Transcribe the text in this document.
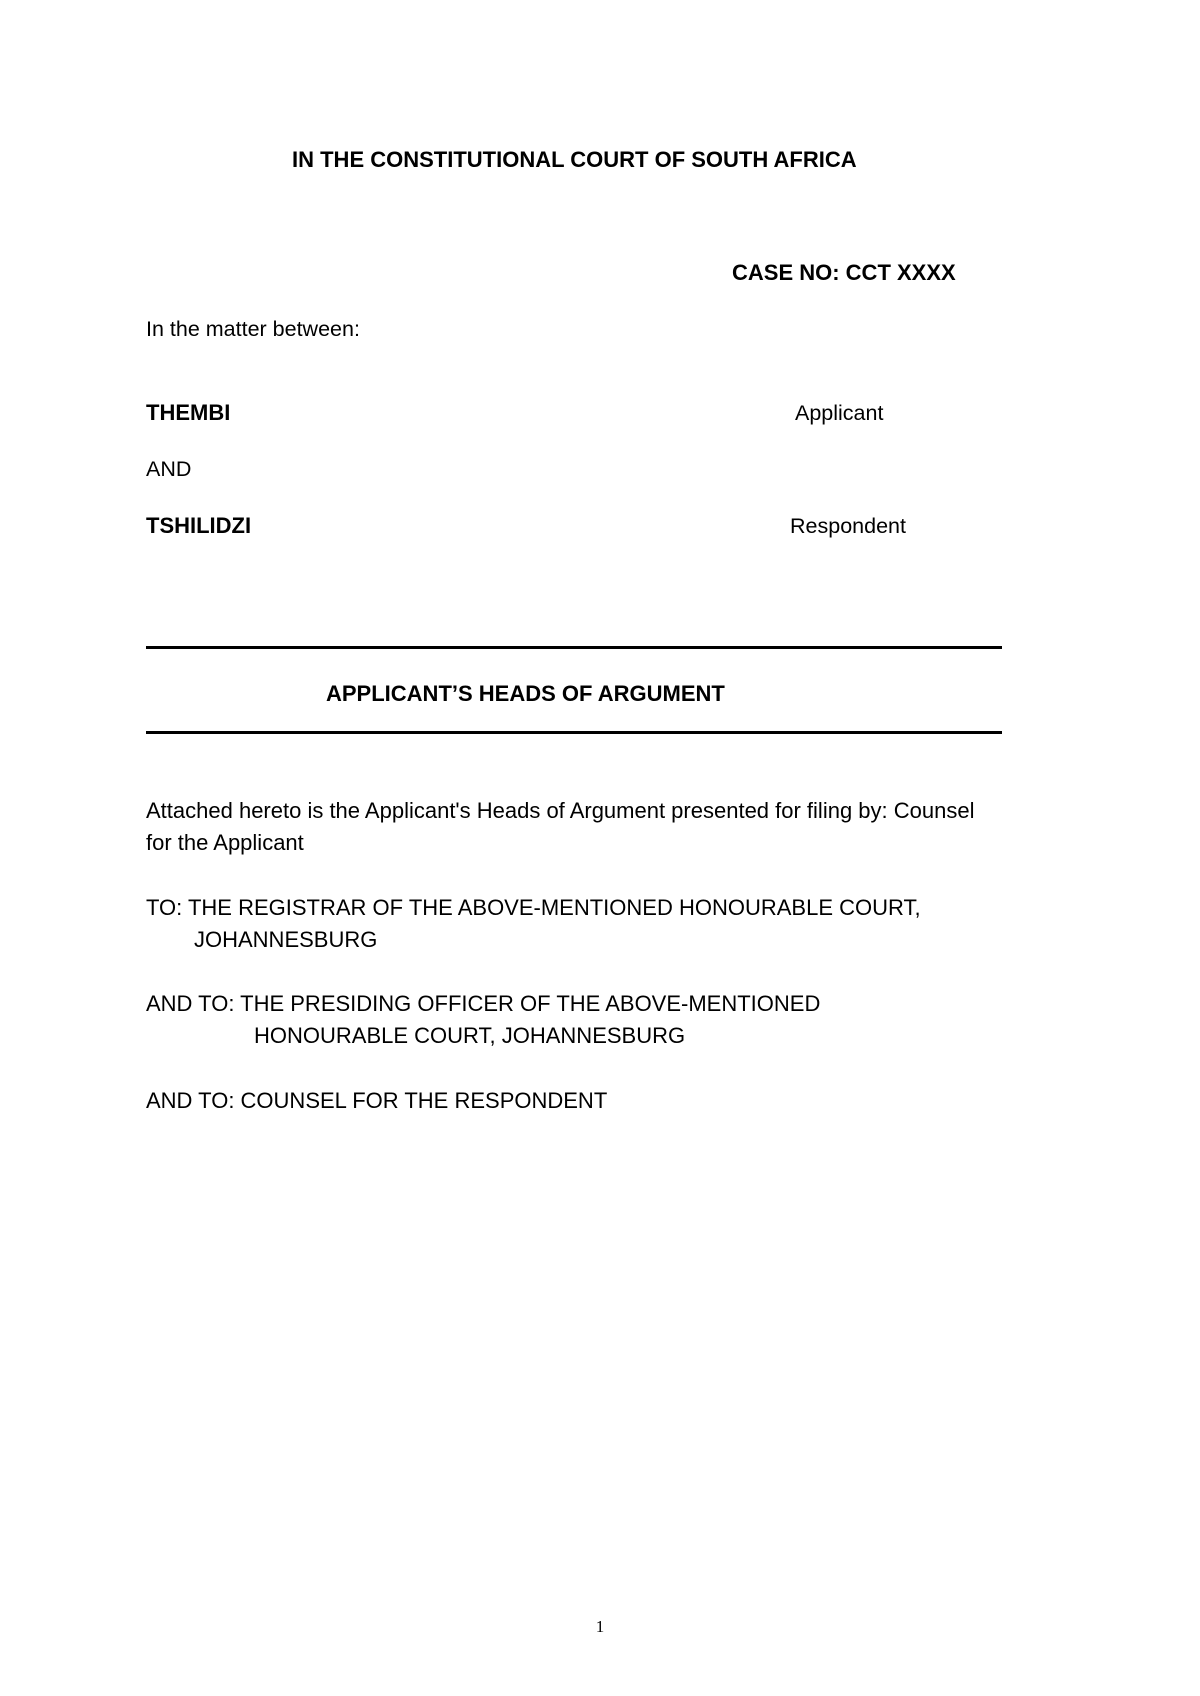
IN THE CONSTITUTIONAL COURT OF SOUTH AFRICA

CASE NO: CCT XXXX

In the matter between:

THEMBI	Applicant

AND

TSHILIDZI	Respondent

APPLICANT’S HEADS OF ARGUMENT

Attached hereto is the Applicant's Heads of Argument presented for filing by: Counsel
for the Applicant
TO: THE REGISTRAR OF THE ABOVE-MENTIONED HONOURABLE COURT,
JOHANNESBURG
AND TO: THE PRESIDING OFFICER OF THE ABOVE-MENTIONED
HONOURABLE COURT, JOHANNESBURG
AND TO: COUNSEL FOR THE RESPONDENT
1
